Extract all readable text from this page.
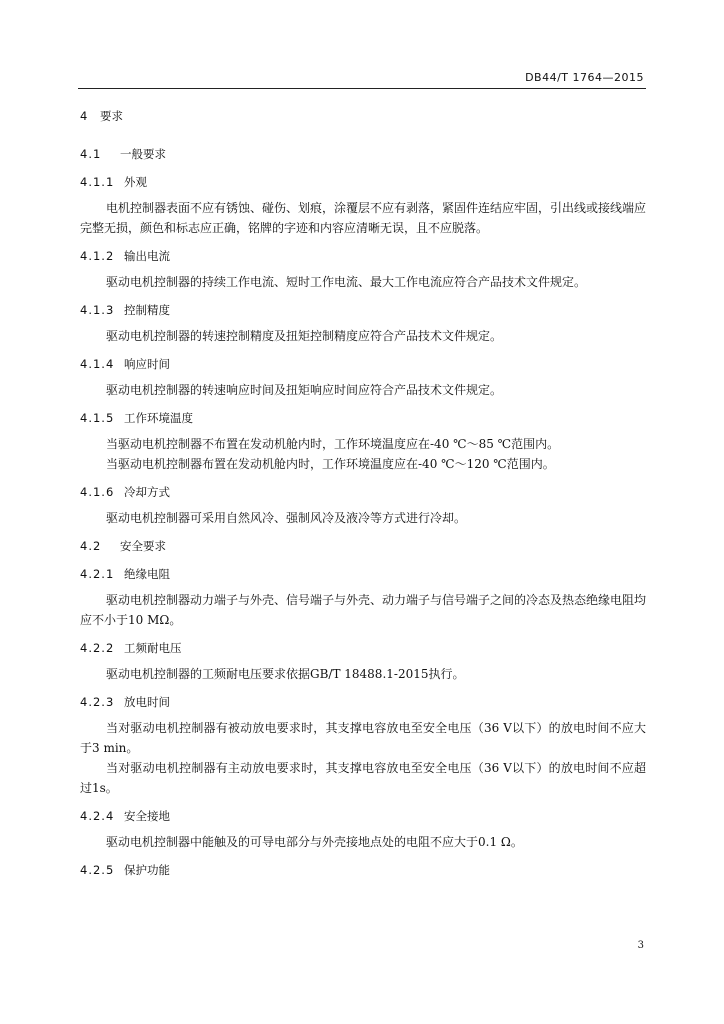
DB44/T 1764—2015
4	要求
4.1	一般要求
4.1.1 外观

电机控制器表面不应有锈蚀、碰伤、划痕，涂覆层不应有剥落，紧固件连结应牢固，引出线或接线端应完整无损，颜色和标志应正确，铭牌的字迹和内容应清晰无误，且不应脱落。

4.1.2 输出电流

驱动电机控制器的持续工作电流、短时工作电流、最大工作电流应符合产品技术文件规定。

4.1.3 控制精度

驱动电机控制器的转速控制精度及扭矩控制精度应符合产品技术文件规定。

4.1.4 响应时间

驱动电机控制器的转速响应时间及扭矩响应时间应符合产品技术文件规定。

4.1.5 工作环境温度

当驱动电机控制器不布置在发动机舱内时，工作环境温度应在-40 ℃～85 ℃范围内。

当驱动电机控制器布置在发动机舱内时，工作环境温度应在-40 ℃～120 ℃范围内。

4.1.6 冷却方式

驱动电机控制器可采用自然风冷、强制风冷及液冷等方式进行冷却。

4.2	安全要求
4.2.1 绝缘电阻

驱动电机控制器动力端子与外壳、信号端子与外壳、动力端子与信号端子之间的冷态及热态绝缘电阻均应不小于10 MΩ。

4.2.2 工频耐电压

驱动电机控制器的工频耐电压要求依据GB/T 18488.1-2015执行。

4.2.3 放电时间

当对驱动电机控制器有被动放电要求时，其支撑电容放电至安全电压（36 V以下）的放电时间不应大于3 min。

当对驱动电机控制器有主动放电要求时，其支撑电容放电至安全电压（36 V以下）的放电时间不应超过1s。

4.2.4 安全接地

驱动电机控制器中能触及的可导电部分与外壳接地点处的电阻不应大于0.1 Ω。

4.2.5 保护功能
3
